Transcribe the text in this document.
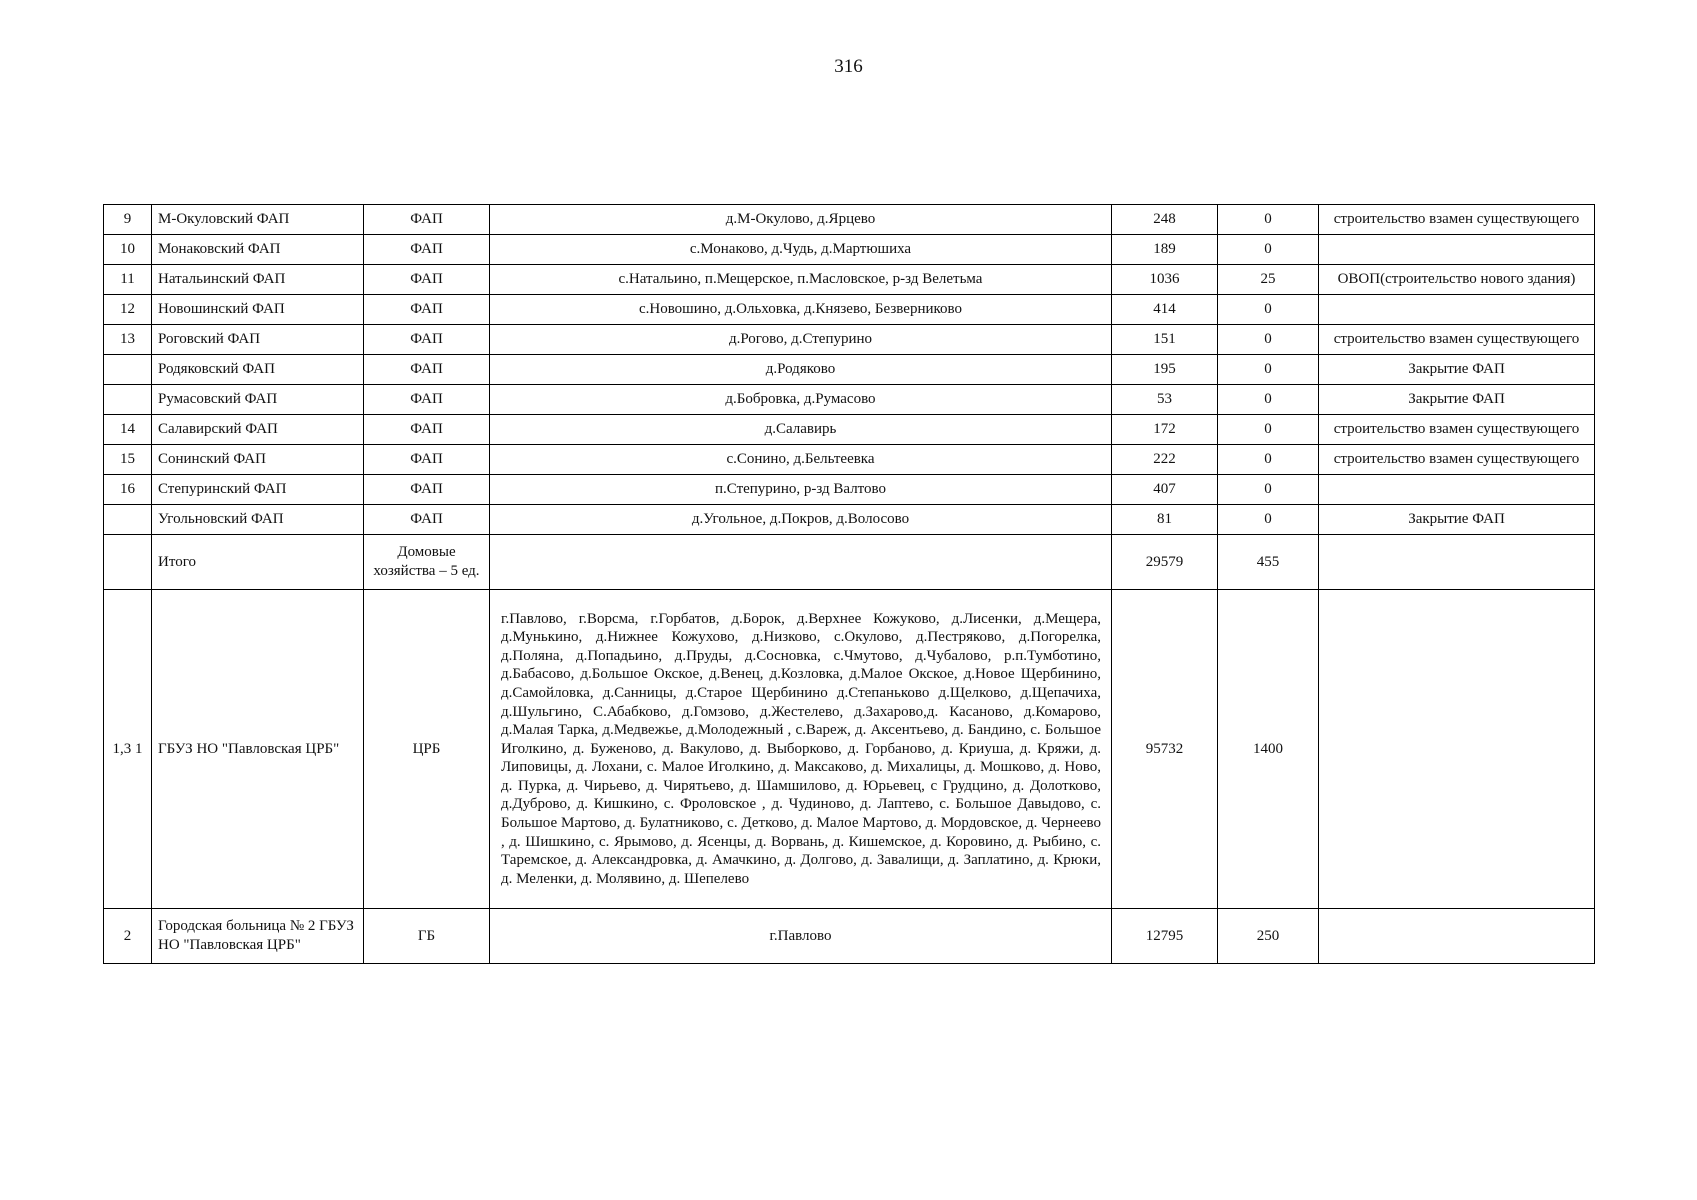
316
9	М-Окуловский ФАП	ФАП	д.М-Окулово, д.Ярцево	248	0	строительство взамен существующего
10	Монаковский ФАП	ФАП	с.Монаково, д.Чудь, д.Мартюшиха	189	0	
11	Натальинский ФАП	ФАП	с.Натальино, п.Мещерское, п.Масловское, р-зд Велетьма	1036	25	ОВОП(строительство нового здания)
12	Новошинский ФАП	ФАП	с.Новошино, д.Ольховка, д.Князево, Безверниково	414	0	
13	Роговский ФАП	ФАП	д.Рогово, д.Степурино	151	0	строительство взамен существующего
	Родяковский ФАП	ФАП	д.Родяково	195	0	Закрытие ФАП
	Румасовский ФАП	ФАП	д.Бобровка, д.Румасово	53	0	Закрытие ФАП
14	Салавирский ФАП	ФАП	д.Салавирь	172	0	строительство взамен существующего
15	Сонинский ФАП	ФАП	с.Сонино, д.Бельтеевка	222	0	строительство взамен существующего
16	Степуринский ФАП	ФАП	п.Степурино, р-зд Валтово	407	0	
	Угольновский ФАП	ФАП	д.Угольное, д.Покров, д.Волосово	81	0	Закрытие ФАП
	Итого	Домовые хозяйства – 5 ед.		29579	455	
1,3 1	ГБУЗ НО "Павловская ЦРБ"	ЦРБ	г.Павлово, г.Ворсма, г.Горбатов, д.Борок, д.Верхнее Кожуково, д.Лисенки, д.Мещера, д.Мунькино, д.Нижнее Кожухово, д.Низково, с.Окулово, д.Пестряково, д.Погорелка, д.Поляна, д.Попадьино, д.Пруды, д.Сосновка, с.Чмутово, д.Чубалово, р.п.Тумботино, д.Бабасово, д.Большое Окское, д.Венец, д.Козловка, д.Малое Окское, д.Новое Щербинино, д.Самойловка, д.Санницы, д.Старое Щербинино д.Степаньково д.Щелково, д.Щепачиха, д.Шульгино, С.Абабково, д.Гомзово, д.Жестелево, д.Захарово,д. Касаново, д.Комарово, д.Малая Тарка, д.Медвежье, д.Молодежный , с.Вареж, д. Аксентьево, д. Бандино, с. Большое Иголкино, д. Буженово, д. Вакулово, д. Выборково, д. Горбаново, д. Криуша, д. Кряжи, д. Липовицы, д. Лохани, с. Малое Иголкино, д. Максаково, д. Михалицы, д. Мошково, д. Ново, д. Пурка, д. Чирьево, д. Чирятьево, д. Шамшилово, д. Юрьевец, с Грудцино, д. Долотково, д.Дуброво, д. Кишкино, с. Фроловское , д. Чудиново, д. Лаптево, с. Большое Давыдово, с. Большое Мартово, д. Булатниково, с. Детково, д. Малое Мартово, д. Мордовское, д. Чернеево , д. Шишкино, с. Ярымово, д. Ясенцы, д. Ворвань, д. Кишемское, д. Коровино, д. Рыбино, с. Таремское, д. Александровка, д. Амачкино, д. Долгово, д. Завалищи, д. Заплатино, д. Крюки, д. Меленки, д. Молявино, д. Шепелево	95732	1400	
2	Городская больница № 2 ГБУЗ НО "Павловская ЦРБ"	ГБ	г.Павлово	12795	250	
